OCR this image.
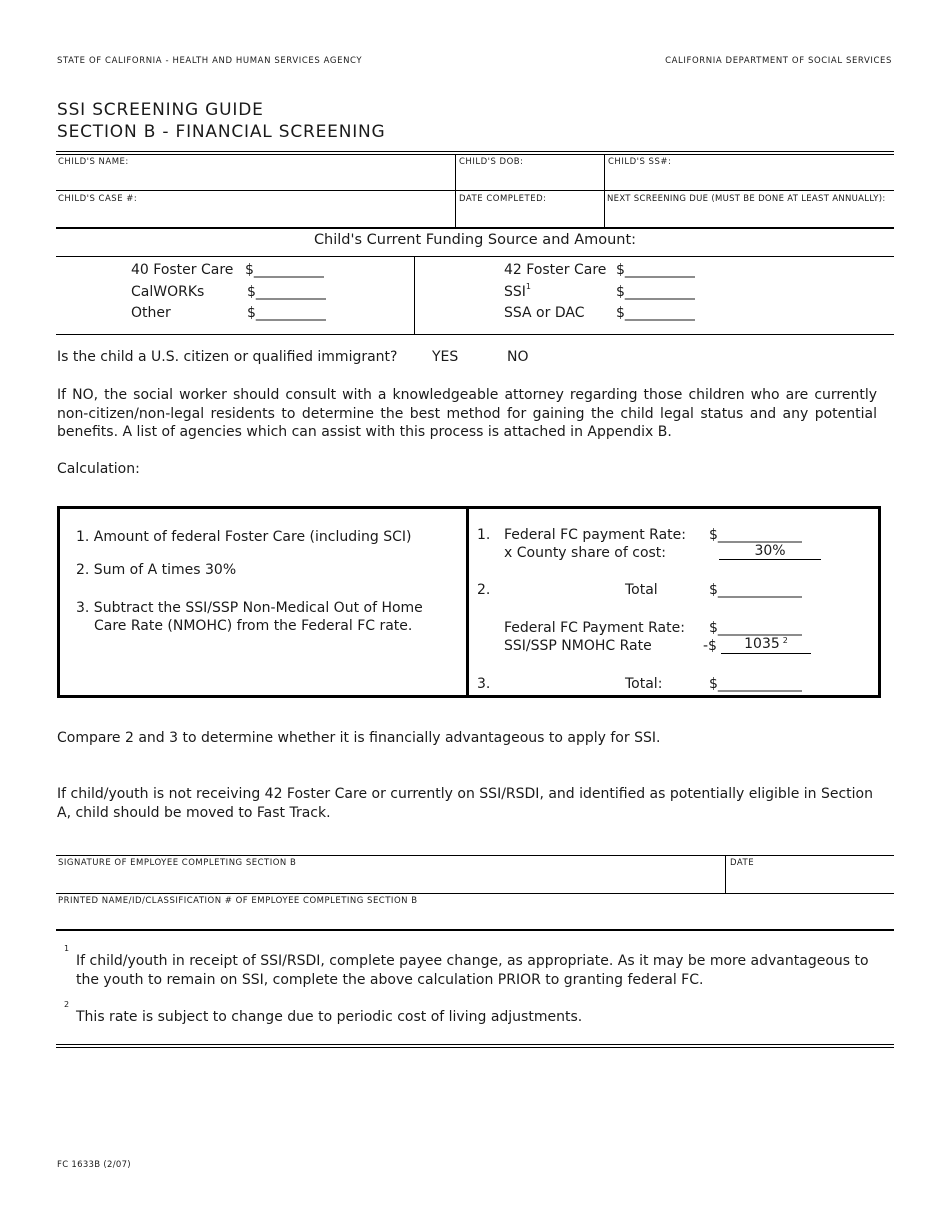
STATE OF CALIFORNIA - HEALTH AND HUMAN SERVICES AGENCY	CALIFORNIA DEPARTMENT OF SOCIAL SERVICES
SSI SCREENING GUIDE
SECTION B - FINANCIAL SCREENING
CHILD'S NAME:	CHILD'S DOB:	CHILD'S SS#:
CHILD'S CASE #:	DATE COMPLETED:	NEXT SCREENING DUE (MUST BE DONE AT LEAST ANNUALLY):
Child's Current Funding Source and Amount:
40 Foster Care $__________
CalWORKs	$__________
Other	$__________
42 Foster Care $__________
SSI$^1$	$__________
SSA or DAC $__________
Is the child a U.S. citizen or qualified immigrant? YES	NO
If NO, the social worker should consult with a knowledgeable attorney regarding those children who are currently non-citizen/non-legal residents to determine the best method for gaining the child legal status and any potential benefits. A list of agencies which can assist with this process is attached in Appendix B.
Calculation:
1. Amount of federal Foster Care (including SCI)
2. Sum of A times 30%
3. Subtract the SSI/SSP Non-Medical Out of Home
Care Rate (NMOHC) from the Federal FC rate.
1. Federal FC payment Rate: $____________
x County share of cost:	30%
2.	Total	$____________
Federal FC Payment Rate: $____________
SSI/SSP NMOHC Rate	-$	1035 $^2$
3.	Total:	$____________
Compare 2 and 3 to determine whether it is financially advantageous to apply for SSI.
If child/youth is not receiving 42 Foster Care or currently on SSI/RSDI, and identified as potentially eligible in Section A, child should be moved to Fast Track.
SIGNATURE OF EMPLOYEE COMPLETING SECTION B	DATE
PRINTED NAME/ID/CLASSIFICATION # OF EMPLOYEE COMPLETING SECTION B
1
If child/youth in receipt of SSI/RSDI, complete payee change, as appropriate. As it may be more advantageous to the youth to remain on SSI, complete the above calculation PRIOR to granting federal FC.
2
This rate is subject to change due to periodic cost of living adjustments.
FC 1633B (2/07)
